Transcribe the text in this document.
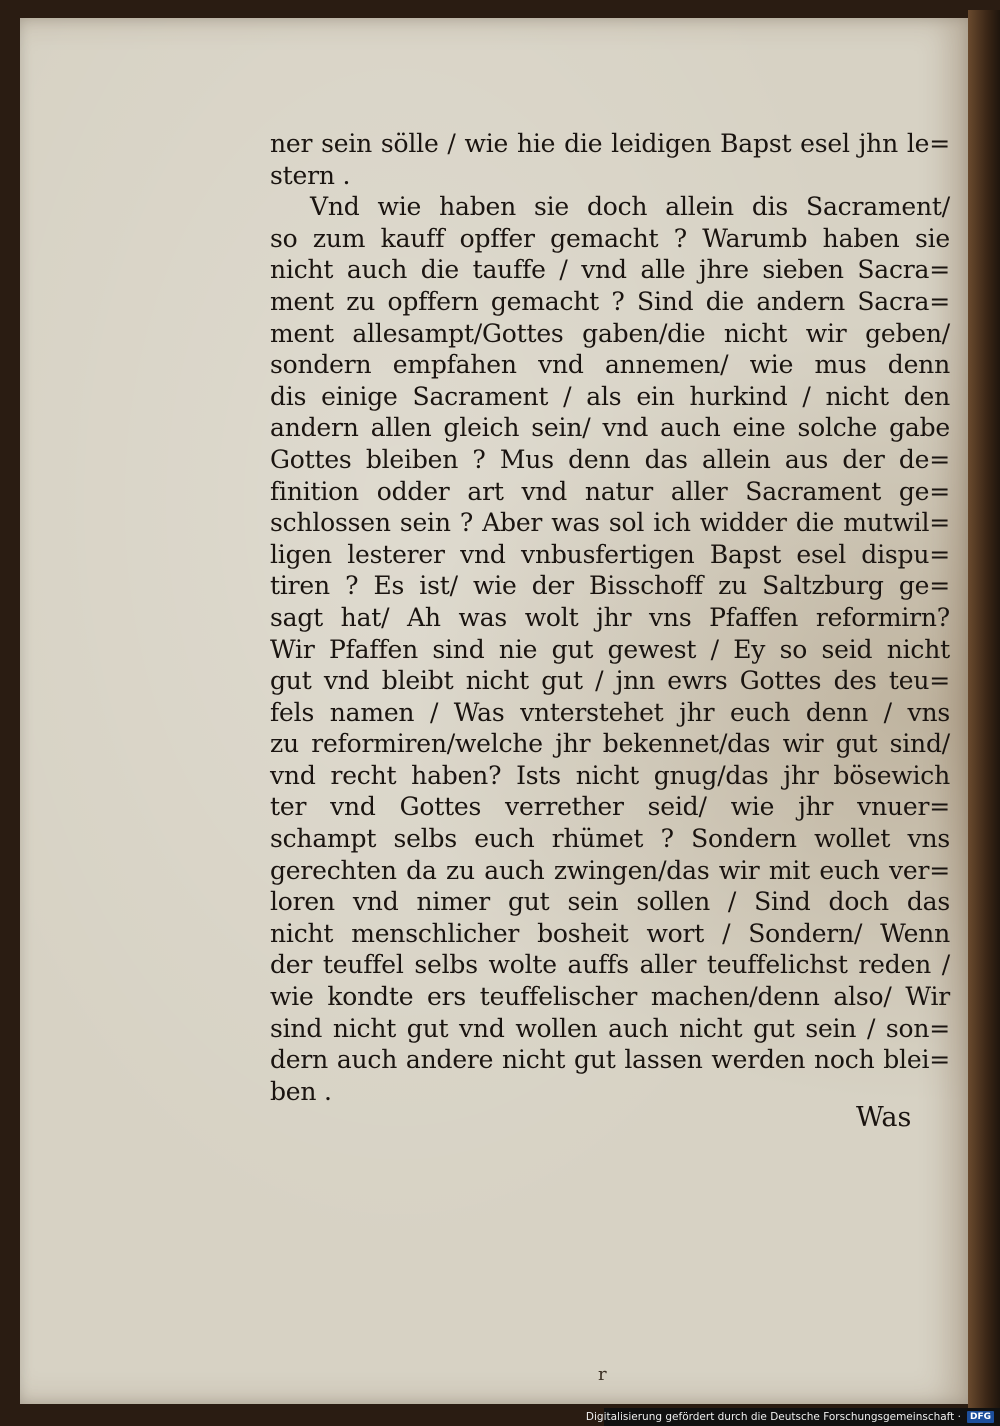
ner sein sölle / wie hie die leidigen Bapst esel jhn le=
stern .
Vnd wie haben sie doch allein dis Sacrament/
so zum kauff opffer gemacht ? Warumb haben sie
nicht auch die tauffe / vnd alle jhre sieben Sacra=
ment zu opffern gemacht ? Sind die andern Sacra=
ment allesampt/Gottes gaben/die nicht wir geben/
sondern empfahen vnd annemen/ wie mus denn
dis einige Sacrament / als ein hurkind / nicht den
andern allen gleich sein/ vnd auch eine solche gabe
Gottes bleiben ? Mus denn das allein aus der de=
finition odder art vnd natur aller Sacrament ge=
schlossen sein ? Aber was sol ich widder die mutwil=
ligen lesterer vnd vnbusfertigen Bapst esel dispu=
tiren ? Es ist/ wie der Bisschoff zu Saltzburg ge=
sagt hat/ Ah was wolt jhr vns Pfaffen reformirn?
Wir Pfaffen sind nie gut gewest / Ey so seid nicht
gut vnd bleibt nicht gut / jnn ewrs Gottes des teu=
fels namen / Was vnterstehet jhr euch denn / vns
zu reformiren/welche jhr bekennet/das wir gut sind/
vnd recht haben? Ists nicht gnug/das jhr bösewich
ter vnd Gottes verrether seid/ wie jhr vnuer=
schampt selbs euch rhümet ? Sondern wollet vns
gerechten da zu auch zwingen/das wir mit euch ver=
loren vnd nimer gut sein sollen / Sind doch das
nicht menschlicher bosheit wort / Sondern/ Wenn
der teuffel selbs wolte auffs aller teuffelichst reden /
wie kondte ers teuffelischer machen/denn also/ Wir
sind nicht gut vnd wollen auch nicht gut sein / son=
dern auch andere nicht gut lassen werden noch blei=
ben .
Was
r
Digitalisierung gefördert durch die Deutsche Forschungsgemeinschaft ·	DFG
